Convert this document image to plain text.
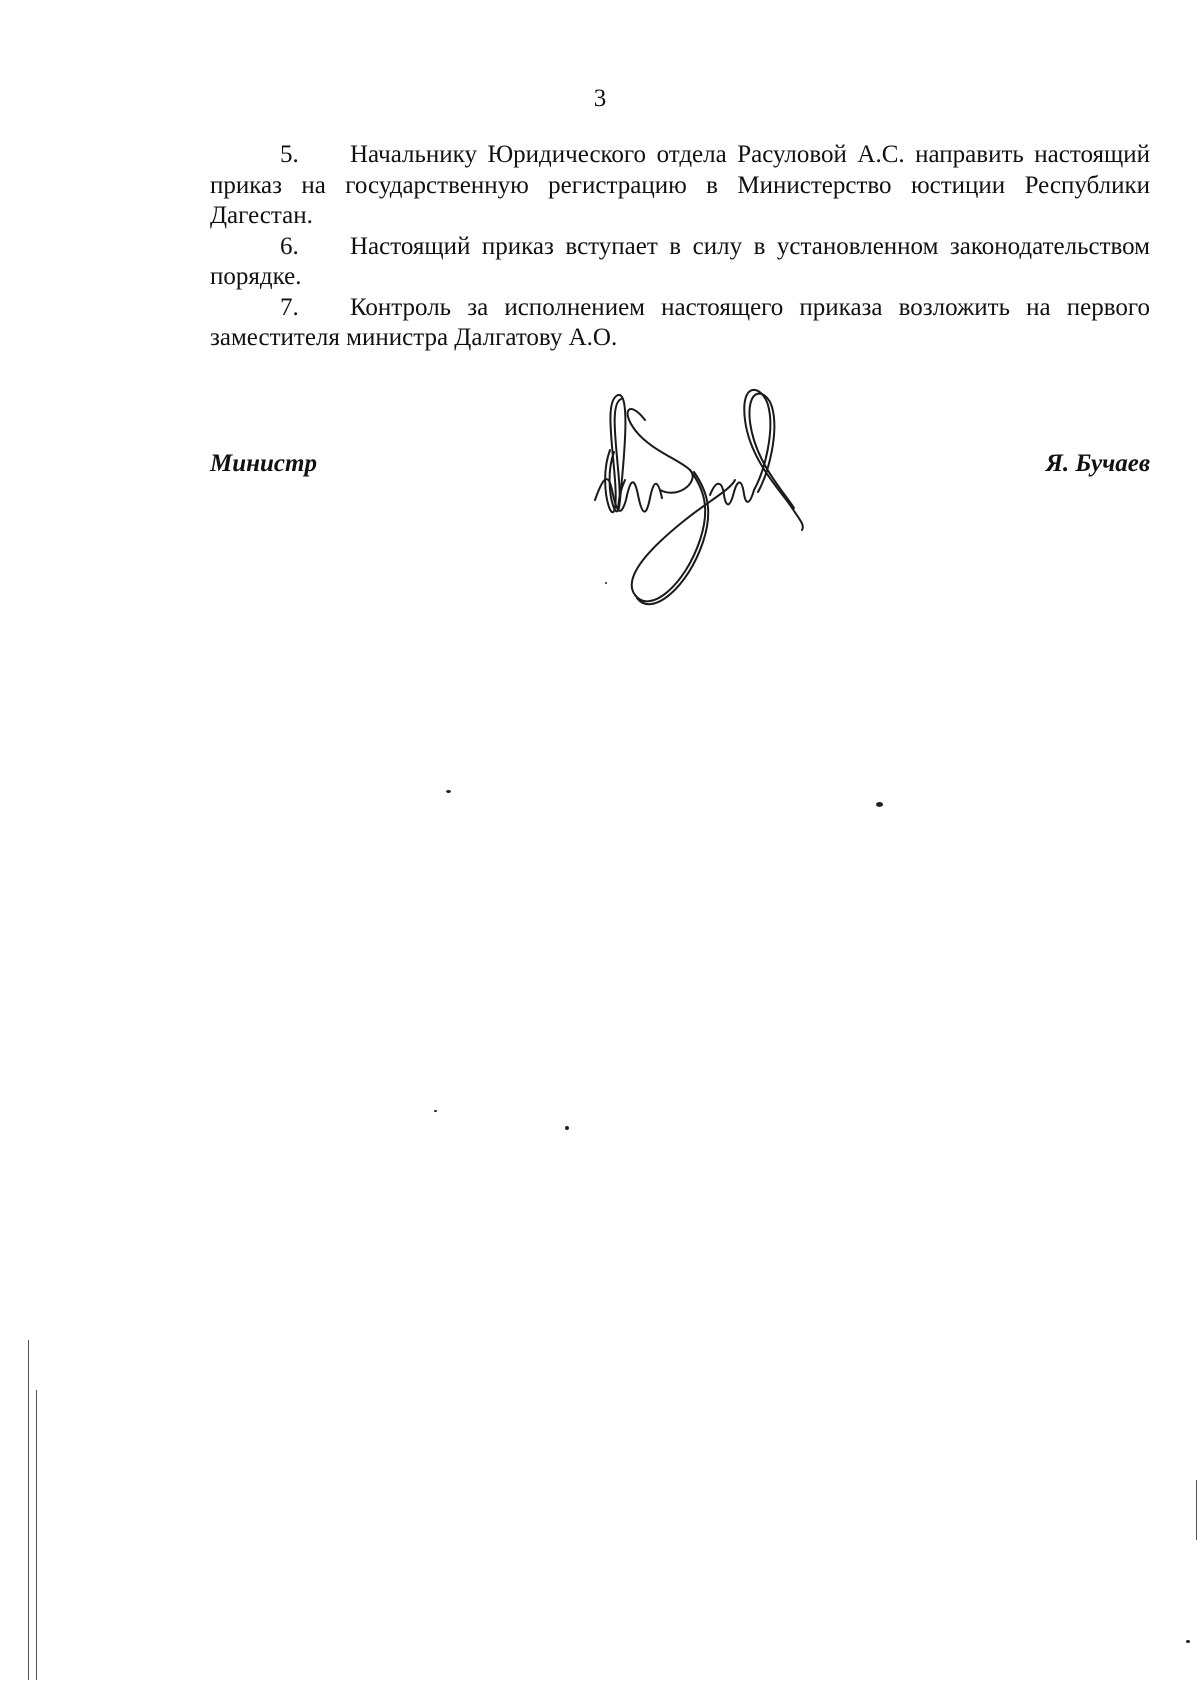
3

5. Начальнику Юридического отдела Расуловой А.С. направить настоящий приказ на государственную регистрацию в Министерство юстиции Республики Дагестан.

6. Настоящий приказ вступает в силу в установленном законодательством порядке.

7. Контроль за исполнением настоящего приказа возложить на первого заместителя министра Далгатову А.О.

Министр	Я. Бучаев
